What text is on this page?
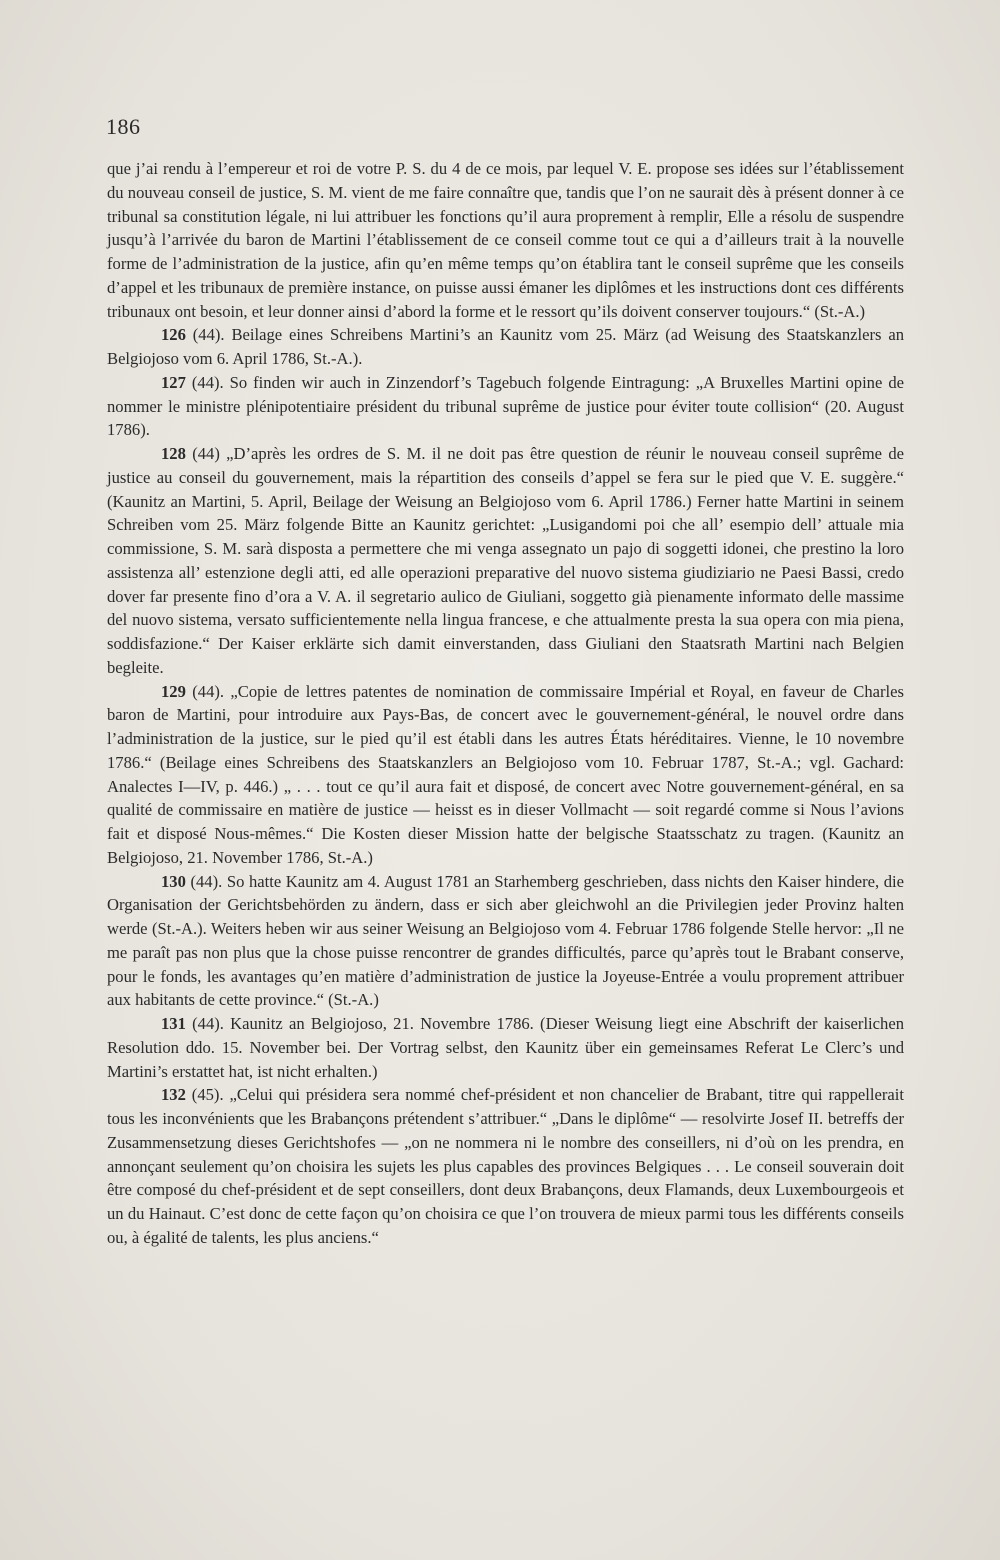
186

que j’ai rendu à l’empereur et roi de votre P. S. du 4 de ce mois, par lequel V. E. propose ses idées sur l’établissement du nouveau conseil de justice, S. M. vient de me faire connaître que, tandis que l’on ne saurait dès à présent donner à ce tribunal sa constitution légale, ni lui attribuer les fonctions qu’il aura proprement à remplir, Elle a résolu de suspendre jusqu’à l’arrivée du baron de Martini l’établissement de ce conseil comme tout ce qui a d’ailleurs trait à la nouvelle forme de l’administration de la justice, afin qu’en même temps qu’on établira tant le conseil suprême que les conseils d’appel et les tribunaux de première instance, on puisse aussi émaner les diplômes et les instructions dont ces différents tribunaux ont besoin, et leur donner ainsi d’abord la forme et le ressort qu’ils doivent conserver toujours.“ (St.-A.)

126 (44). Beilage eines Schreibens Martini’s an Kaunitz vom 25. März (ad Weisung des Staatskanzlers an Belgiojoso vom 6. April 1786, St.-A.).

127 (44). So finden wir auch in Zinzendorf’s Tagebuch folgende Eintragung: „A Bruxelles Martini opine de nommer le ministre plénipotentiaire président du tribunal suprême de justice pour éviter toute collision“ (20. August 1786).

128 (44) „D’après les ordres de S. M. il ne doit pas être question de réunir le nouveau conseil suprême de justice au conseil du gouvernement, mais la répartition des conseils d’appel se fera sur le pied que V. E. suggère.“ (Kaunitz an Martini, 5. April, Beilage der Weisung an Belgiojoso vom 6. April 1786.) Ferner hatte Martini in seinem Schreiben vom 25. März folgende Bitte an Kaunitz gerichtet: „Lusigandomi poi che all’ esempio dell’ attuale mia commissione, S. M. sarà disposta a permettere che mi venga assegnato un pajo di soggetti idonei, che prestino la loro assistenza all’ estenzione degli atti, ed alle operazioni preparative del nuovo sistema giudiziario ne Paesi Bassi, credo dover far presente fino d’ora a V. A. il segretario aulico de Giuliani, soggetto già pienamente informato delle massime del nuovo sistema, versato sufficientemente nella lingua francese, e che attualmente presta la sua opera con mia piena, soddisfazione.“ Der Kaiser erklärte sich damit einverstanden, dass Giuliani den Staatsrath Martini nach Belgien begleite.

129 (44). „Copie de lettres patentes de nomination de commissaire Impérial et Royal, en faveur de Charles baron de Martini, pour introduire aux Pays-Bas, de concert avec le gouvernement-général, le nouvel ordre dans l’administration de la justice, sur le pied qu’il est établi dans les autres États héréditaires. Vienne, le 10 novembre 1786.“ (Beilage eines Schreibens des Staatskanzlers an Belgiojoso vom 10. Februar 1787, St.-A.; vgl. Gachard: Analectes I—IV, p. 446.) „ . . . tout ce qu’il aura fait et disposé, de concert avec Notre gouvernement-général, en sa qualité de commissaire en matière de justice — heisst es in dieser Vollmacht — soit regardé comme si Nous l’avions fait et disposé Nous-mêmes.“ Die Kosten dieser Mission hatte der belgische Staatsschatz zu tragen. (Kaunitz an Belgiojoso, 21. November 1786, St.-A.)

130 (44). So hatte Kaunitz am 4. August 1781 an Starhemberg geschrieben, dass nichts den Kaiser hindere, die Organisation der Gerichtsbehörden zu ändern, dass er sich aber gleichwohl an die Privilegien jeder Provinz halten werde (St.-A.). Weiters heben wir aus seiner Weisung an Belgiojoso vom 4. Februar 1786 folgende Stelle hervor: „Il ne me paraît pas non plus que la chose puisse rencontrer de grandes difficultés, parce qu’après tout le Brabant conserve, pour le fonds, les avantages qu’en matière d’administration de justice la Joyeuse-Entrée a voulu proprement attribuer aux habitants de cette province.“ (St.-A.)

131 (44). Kaunitz an Belgiojoso, 21. Novembre 1786. (Dieser Weisung liegt eine Abschrift der kaiserlichen Resolution ddo. 15. November bei. Der Vortrag selbst, den Kaunitz über ein gemeinsames Referat Le Clerc’s und Martini’s erstattet hat, ist nicht erhalten.)

132 (45). „Celui qui présidera sera nommé chef-président et non chancelier de Brabant, titre qui rappellerait tous les inconvénients que les Brabançons prétendent s’attribuer.“ „Dans le diplôme“ — resolvirte Josef II. betreffs der Zusammensetzung dieses Gerichtshofes — „on ne nommera ni le nombre des conseillers, ni d’où on les prendra, en annonçant seulement qu’on choisira les sujets les plus capables des provinces Belgiques . . . Le conseil souverain doit être composé du chef-président et de sept conseillers, dont deux Brabançons, deux Flamands, deux Luxembourgeois et un du Hainaut. C’est donc de cette façon qu’on choisira ce que l’on trouvera de mieux parmi tous les différents conseils ou, à égalité de talents, les plus anciens.“
